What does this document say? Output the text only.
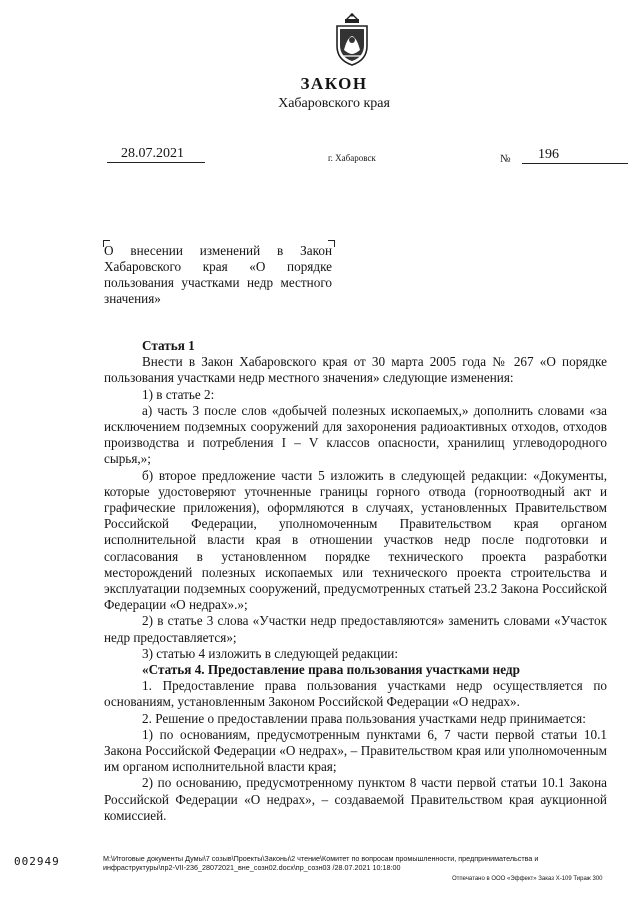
ЗАКОН
Хабаровского края
28.07.2021	г. Хабаровск	№	196
О внесении изменений в Закон Хабаровского края «О порядке пользования участками недр местного значения»

Статья 1

Внести в Закон Хабаровского края от 30 марта 2005 года № 267 «О порядке пользования участками недр местного значения» следующие изменения:

1) в статье 2:

а) часть 3 после слов «добычей полезных ископаемых,» дополнить словами «за исключением подземных сооружений для захоронения радиоактивных отходов, отходов производства и потребления I – V классов опасности, хранилищ углеводородного сырья,»;

б) второе предложение части 5 изложить в следующей редакции: «Документы, которые удостоверяют уточненные границы горного отвода (горноотводный акт и графические приложения), оформляются в случаях, установленных Правительством Российской Федерации, уполномоченным Правительством края органом исполнительной власти края в отношении участков недр после подготовки и согласования в установленном порядке технического проекта разработки месторождений полезных ископаемых или технического проекта строительства и эксплуатации подземных сооружений, предусмотренных статьей 23.2 Закона Российской Федерации «О недрах».»;

2) в статье 3 слова «Участки недр предоставляются» заменить словами «Участок недр предоставляется»;

3) статью 4 изложить в следующей редакции:

«Статья 4. Предоставление права пользования участками недр

1. Предоставление права пользования участками недр осуществляется по основаниям, установленным Законом Российской Федерации «О недрах».

2. Решение о предоставлении права пользования участками недр принимается:

1) по основаниям, предусмотренным пунктами 6, 7 части первой статьи 10.1 Закона Российской Федерации «О недрах», – Правительством края или уполномоченным им органом исполнительной власти края;

2) по основанию, предусмотренному пунктом 8 части первой статьи 10.1 Закона Российской Федерации «О недрах», – создаваемой Правительством края аукционной комиссией.

002949	M:\Итоговые документы Думы\7 созыв\Проекты\Законы\2 чтение\Комитет по вопросам промышленности, предпринимательства и инфраструктуры\пр2-VII-236_28072021_вне_созн02.docx\пр_созн03 /28.07.2021 10:18:00
Отпечатано в ООО «Эффект» Заказ Х-109 Тираж 300
